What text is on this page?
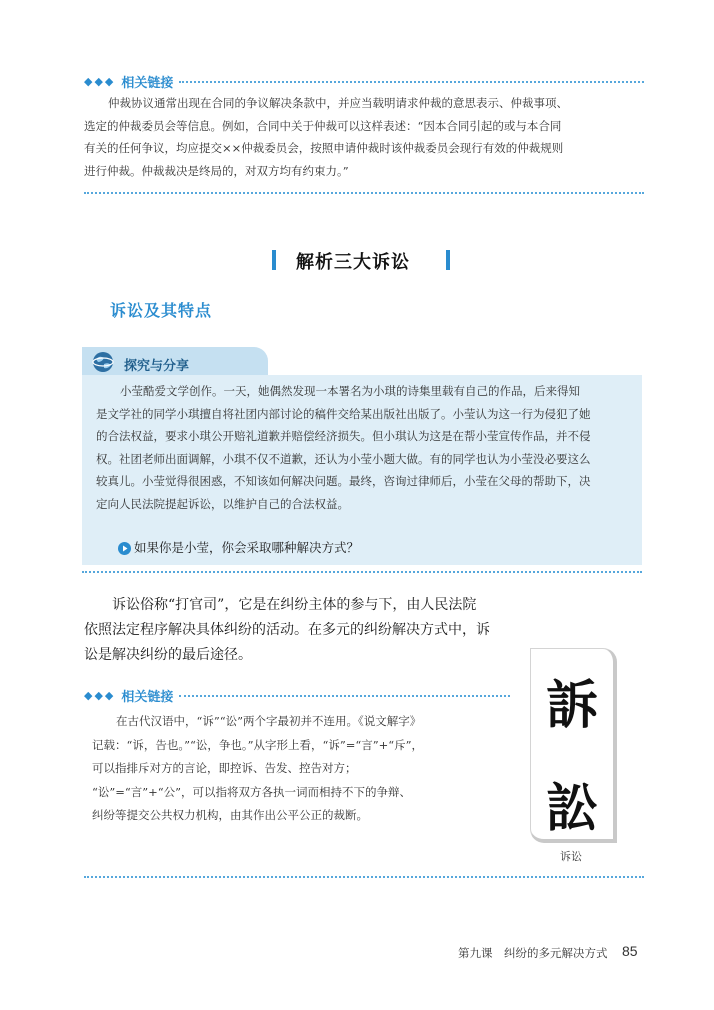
◆◆◆ 相关链接
仲裁协议通常出现在合同的争议解决条款中，并应当载明请求仲裁的意思表示、仲裁事项、
选定的仲裁委员会等信息。例如，合同中关于仲裁可以这样表述：“因本合同引起的或与本合同
有关的任何争议，均应提交××仲裁委员会，按照申请仲裁时该仲裁委员会现行有效的仲裁规则
进行仲裁。仲裁裁决是终局的，对双方均有约束力。”
解析三大诉讼
诉讼及其特点
探究与分享
小莹酷爱文学创作。一天，她偶然发现一本署名为小琪的诗集里载有自己的作品，后来得知
是文学社的同学小琪擅自将社团内部讨论的稿件交给某出版社出版了。小莹认为这一行为侵犯了她
的合法权益，要求小琪公开赔礼道歉并赔偿经济损失。但小琪认为这是在帮小莹宣传作品，并不侵
权。社团老师出面调解，小琪不仅不道歉，还认为小莹小题大做。有的同学也认为小莹没必要这么
较真儿。小莹觉得很困惑，不知该如何解决问题。最终，咨询过律师后，小莹在父母的帮助下，决
定向人民法院提起诉讼，以维护自己的合法权益。
如果你是小莹，你会采取哪种解决方式？
诉讼俗称“打官司”，它是在纠纷主体的参与下，由人民法院
依照法定程序解决具体纠纷的活动。在多元的纠纷解决方式中，诉
讼是解决纠纷的最后途径。
◆◆◆ 相关链接
在古代汉语中，“诉”“讼”两个字最初并不连用。《说文解字》
记载：“诉，告也。”“讼，争也。”从字形上看，“诉”=“言”+“斥”，
可以指排斥对方的言论，即控诉、告发、控告对方；
“讼”=“言”+“公”，可以指将双方各执一词而相持不下的争辩、
纠纷等提交公共权力机构，由其作出公平公正的裁断。
訴
訟
诉讼
第九课　纠纷的多元解决方式 85
